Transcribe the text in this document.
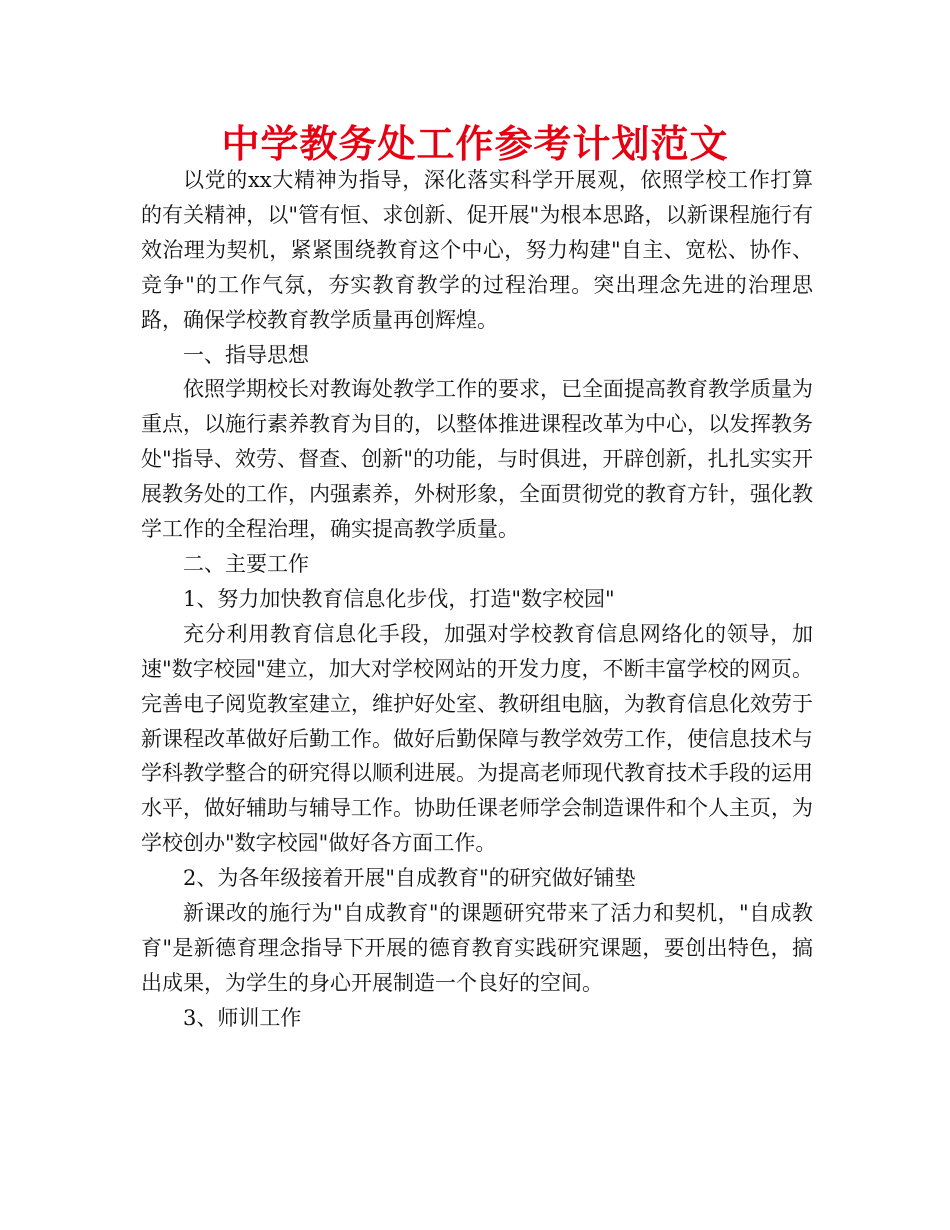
中学教务处工作参考计划范文

以党的xx大精神为指导，深化落实科学开展观，依照学校工作打算的有关精神，以"管有恒、求创新、促开展"为根本思路，以新课程施行有效治理为契机，紧紧围绕教育这个中心，努力构建"自主、宽松、协作、竞争"的工作气氛，夯实教育教学的过程治理。突出理念先进的治理思路，确保学校教育教学质量再创辉煌。

一、指导思想

依照学期校长对教诲处教学工作的要求，已全面提高教育教学质量为重点，以施行素养教育为目的，以整体推进课程改革为中心，以发挥教务处"指导、效劳、督查、创新"的功能，与时俱进，开辟创新，扎扎实实开展教务处的工作，内强素养，外树形象，全面贯彻党的教育方针，强化教学工作的全程治理，确实提高教学质量。

二、主要工作

1、努力加快教育信息化步伐，打造"数字校园"

充分利用教育信息化手段，加强对学校教育信息网络化的领导，加速"数字校园"建立，加大对学校网站的开发力度，不断丰富学校的网页。完善电子阅览教室建立，维护好处室、教研组电脑，为教育信息化效劳于新课程改革做好后勤工作。做好后勤保障与教学效劳工作，使信息技术与学科教学整合的研究得以顺利进展。为提高老师现代教育技术手段的运用水平，做好辅助与辅导工作。协助任课老师学会制造课件和个人主页，为学校创办"数字校园"做好各方面工作。

2、为各年级接着开展"自成教育"的研究做好铺垫

新课改的施行为"自成教育"的课题研究带来了活力和契机，"自成教育"是新德育理念指导下开展的德育教育实践研究课题，要创出特色，搞出成果，为学生的身心开展制造一个良好的空间。

3、师训工作
